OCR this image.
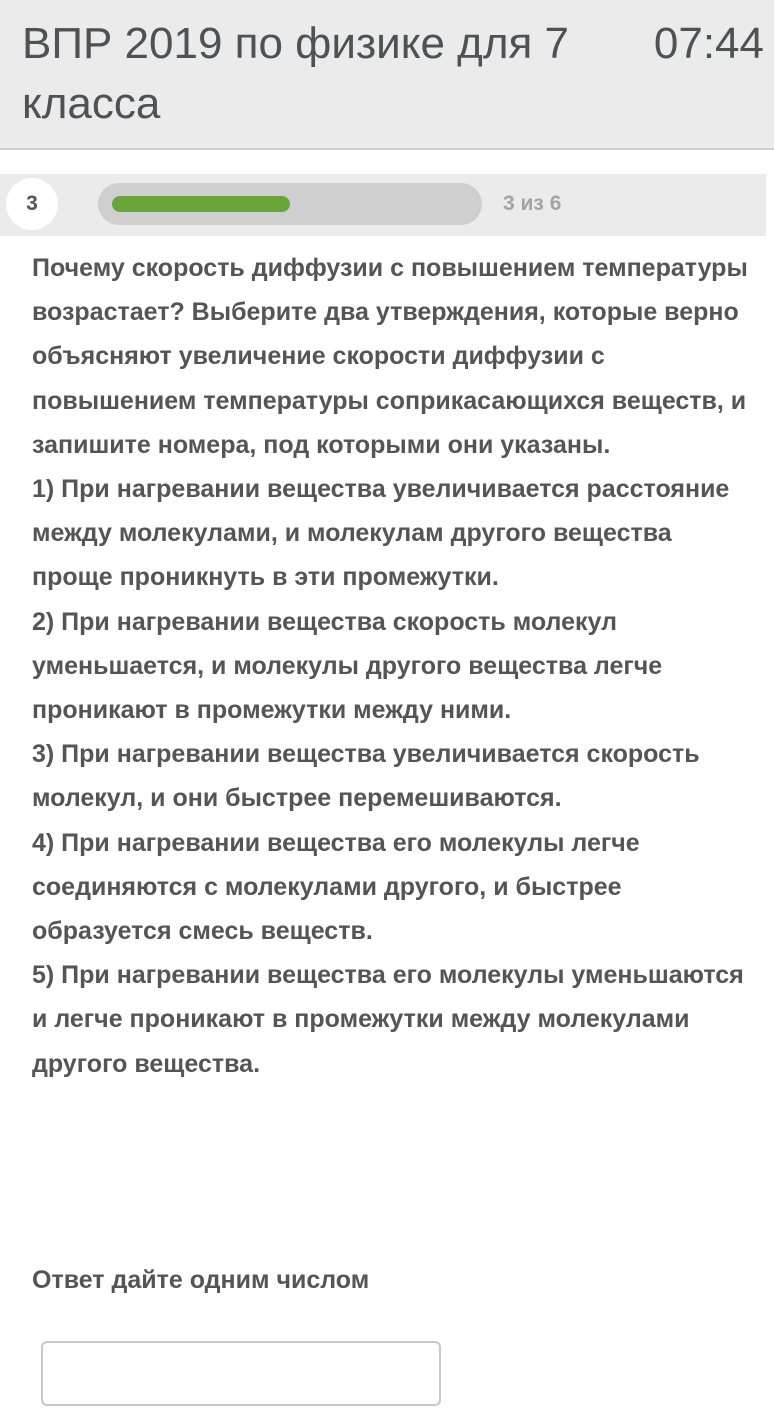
ВПР 2019 по физике для 7 класса
07:44
3	3 из 6

Почему скорость диффузии с повышением температуры возрастает? Выберите два утверждения, которые верно объясняют увеличение скорости диффузии с повышением температуры соприкасающихся веществ, и запишите номера, под которыми они указаны.
1) При нагревании вещества увеличивается расстояние между молекулами, и молекулам другого вещества проще проникнуть в эти промежутки.
2) При нагревании вещества скорость молекул уменьшается, и молекулы другого вещества легче проникают в промежутки между ними.
3) При нагревании вещества увеличивается скорость молекул, и они быстрее перемешиваются.
4) При нагревании вещества его молекулы легче соединяются с молекулами другого, и быстрее образуется смесь веществ.
5) При нагревании вещества его молекулы уменьшаются и легче проникают в промежутки между молекулами другого вещества.

Ответ дайте одним числом
